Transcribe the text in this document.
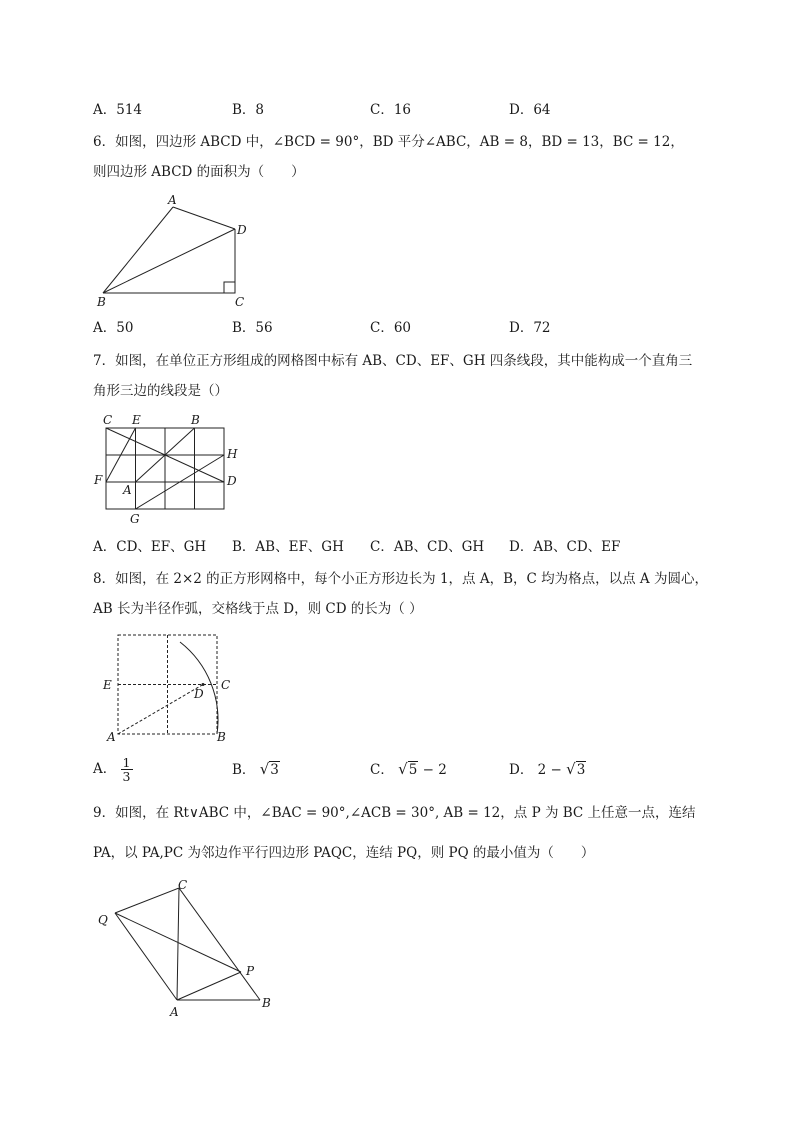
A．514	B．8	C．16	D．64
6．如图，四边形 ABCD 中，∠BCD = 90°，BD 平分∠ABC，AB = 8，BD = 13，BC = 12，
则四边形 ABCD 的面积为（　　）
A
D
B	C
A．50	B．56	C．60	D．72
7．如图，在单位正方形组成的网格图中标有 AB、CD、EF、GH 四条线段，其中能构成一个直角三
角形三边的线段是（）
C E	B
H
F
A
D
G
A．CD、EF、GH B．AB、EF、GH C．AB、CD、GH D．AB、CD、EF
8．如图，在 2×2 的正方形网格中，每个小正方形边长为 1，点 A，B，C 均为格点，以点 A 为圆心，
AB 长为半径作弧，交格线于点 D，则 CD 的长为（ ）
E
D
C
A	B
A． $\frac{1}{3}$	B． √3	C． √5 − 2	D． 2 − √3
9．如图，在 Rt∨ABC 中，∠BAC = 90°,∠ACB = 30°, AB = 12，点 P 为 BC 上任意一点，连结
PA，以 PA,PC 为邻边作平行四边形 PAQC，连结 PQ，则 PQ 的最小值为（　　）
C
Q
P
A
B
